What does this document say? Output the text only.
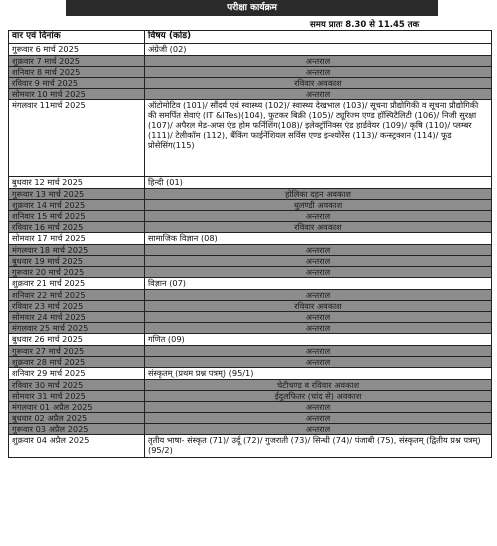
परीक्षा कार्यक्रम
समय प्रातः 8.30 से 11.45 तक
वार एवं दिनांक	विषय (कोड)
गुरूवार 6 मार्च 2025	अंग्रेजी (02)
शुक्रवार 7 मार्च 2025	अन्तराल
शनिवार 8 मार्च 2025	अन्तराल
रविवार 9 मार्च 2025	रविवार अवकाश
सोमवार 10 मार्च 2025	अन्तराल
मंगलवार 11मार्च 2025	ऑटोमोटिव (101)/ सौंदर्य एवं स्वास्थ्य (102)/ स्वास्थ्य देखभाल (103)/ सूचना प्रौद्योगिकी व सूचना प्रौद्योगिकी की समर्पित सेवाएं (IT &ITes)(104), फुटकर बिक्री (105)/ ट्यूरिज्म एण्ड हॉस्पिटैलिटी (106)/ निजी सुरक्षा (107)/ अपैरल मेड-अप्स एंड होम फर्निशिंग(108)/ इलेक्ट्रॉनिक्स एंड हार्डवेयर (109)/ कृषि (110)/ प्लम्बर (111)/ टेलीकॉम (112), बैंकिंग फाईनेंशियल सर्विस एण्ड इन्श्योरेंस (113)/ कन्स्ट्रक्शन (114)/ फूड प्रोसेसिंग(115)
बुधवार 12 मार्च 2025	हिन्दी (01)
गुरूवार 13 मार्च 2025	होलिका दहन अवकाश
शुक्रवार 14 मार्च 2025	धुलण्डी अवकाश
शनिवार 15 मार्च 2025	अन्तराल
रविवार 16 मार्च 2025	रविवार अवकाश
सोमवार 17 मार्च 2025	सामाजिक विज्ञान (08)
मंगलवार 18 मार्च 2025	अन्तराल
बुधवार 19 मार्च 2025	अन्तराल
गुरूवार 20 मार्च 2025	अन्तराल
शुक्रवार 21 मार्च 2025	विज्ञान (07)
शनिवार 22 मार्च 2025	अन्तराल
रविवार 23 मार्च 2025	रविवार अवकाश
सोमवार 24 मार्च 2025	अन्तराल
मंगलवार 25 मार्च 2025	अन्तराल
बुधवार 26 मार्च 2025	गणित (09)
गुरूवार 27 मार्च 2025	अन्तराल
शुक्रवार 28 मार्च 2025	अन्तराल
शनिवार 29 मार्च 2025	संस्कृतम् (प्रथम प्रश्न पत्रम्) (95/1)
रविवार 30 मार्च 2025	चेटीचण्ड व रविवार अवकाश
सोमवार 31 मार्च 2025	ईदुलफितर (चांद से) अवकाश
मंगलवार 01 अप्रैल 2025	अन्तराल
बुधवार 02 अप्रैल 2025	अन्तराल
गुरूवार 03 अप्रैल 2025	अन्तराल
शुक्रवार 04 अप्रैल 2025	तृतीय भाषा- संस्कृत (71)/ उर्दू (72)/ गुजराती (73)/ सिन्धी (74)/ पंजाबी (75), संस्कृतम् (द्वितीय प्रश्न पत्रम्) (95/2)
